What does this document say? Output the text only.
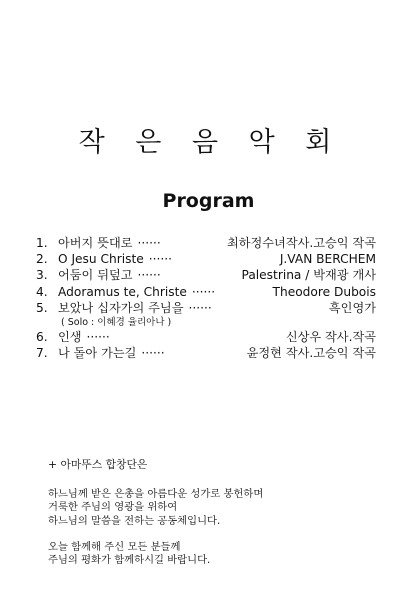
작 은 음 악 회
Program
1. 아버지 뜻대로 ······	최하정수녀작사.고승익 작곡
2. O Jesu Christe ······	J.VAN BERCHEM
3. 어둠이 뒤덮고 ······	Palestrina / 박재광 개사
4. Adoramus te, Christe ······	Theodore Dubois
5. 보았나 십자가의 주님을 ······	흑인영가
( Solo : 이혜경 율리아나 )
6. 인생 ······	신상우 작사.작곡
7. 나 돌아 가는길 ······	윤정현 작사.고승익 작곡
+ 아마뚜스 합창단은
하느님께 받은 은총을 아름다운 성가로 봉헌하며
거룩한 주님의 영광을 위하여
하느님의 말씀을 전하는 공동체입니다.
오늘 함께해 주신 모든 분들께
주님의 평화가 함께하시길 바랍니다.
